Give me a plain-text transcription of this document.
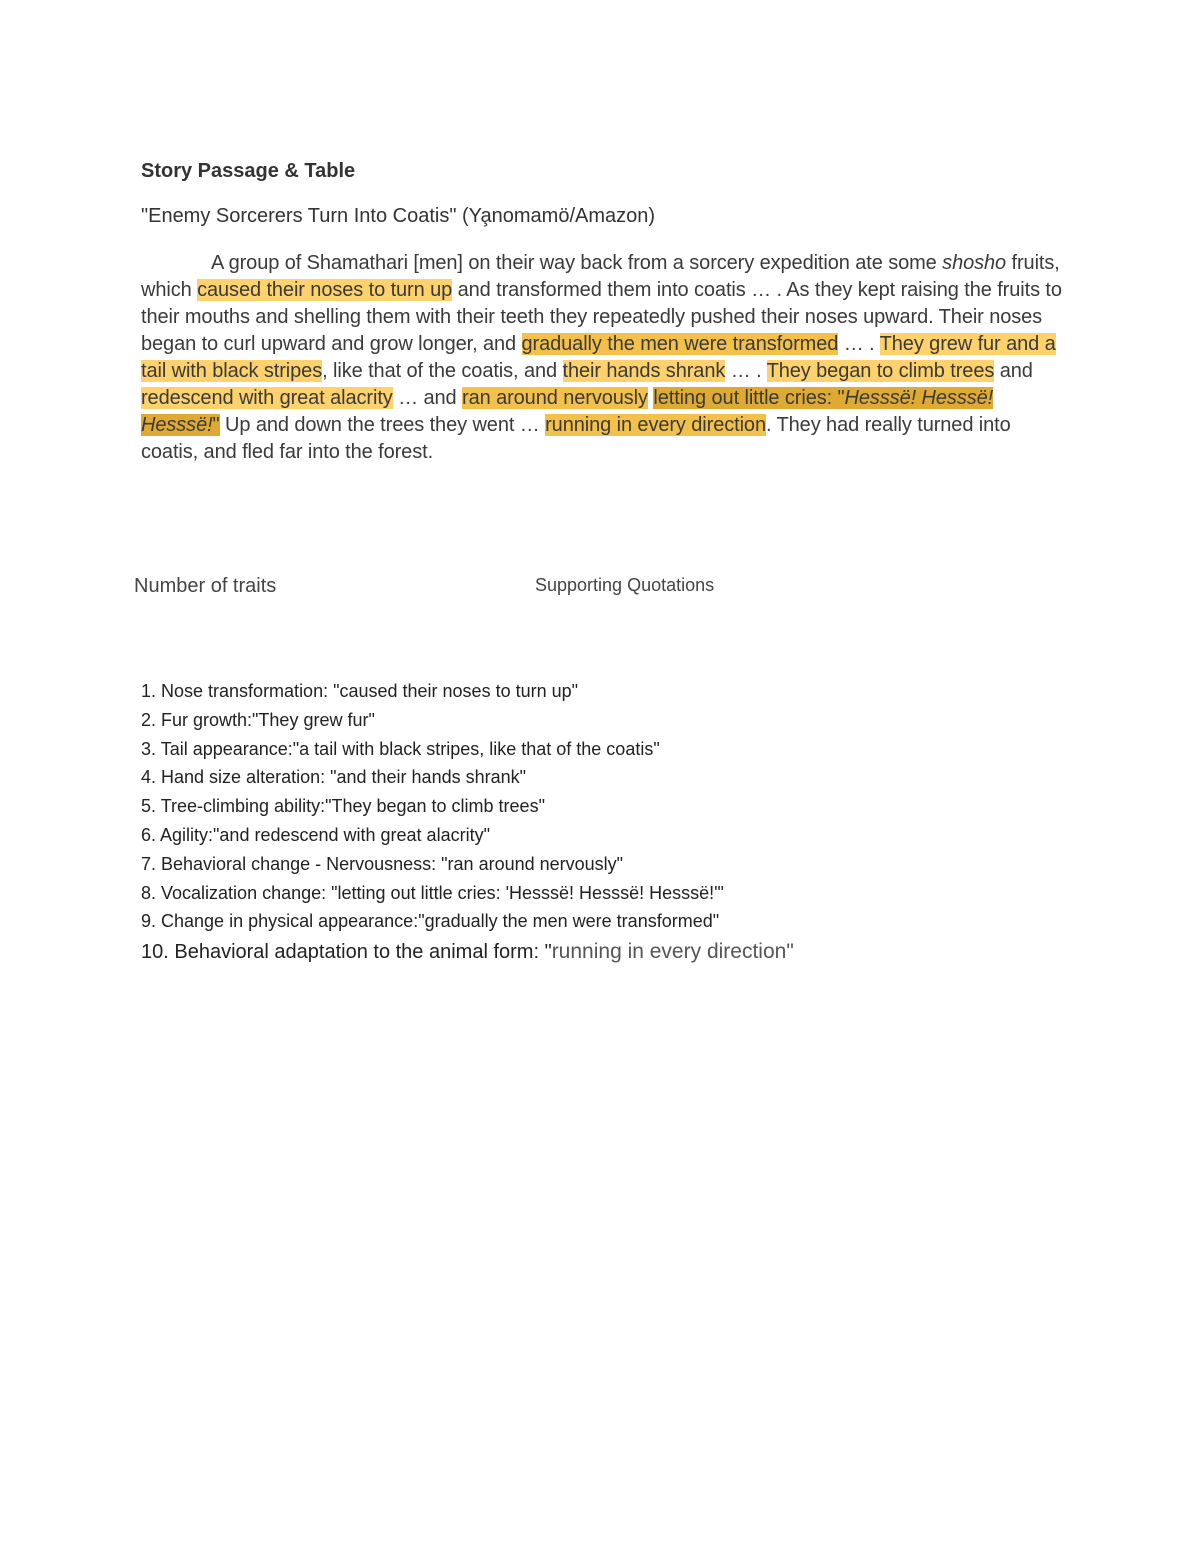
Story Passage & Table
"Enemy Sorcerers Turn Into Coatis" (Ya̧nomamö/Amazon)
A group of Shamathari [men] on their way back from a sorcery expedition ate some shosho fruits, which caused their noses to turn up and transformed them into coatis … . As they kept raising the fruits to their mouths and shelling them with their teeth they repeatedly pushed their noses upward. Their noses began to curl upward and grow longer, and gradually the men were transformed … . They grew fur and a tail with black stripes, like that of the coatis, and their hands shrank … . They began to climb trees and redescend with great alacrity … and ran around nervously letting out little cries: "Hesssë! Hesssë! Hesssë!" Up and down the trees they went … running in every direction. They had really turned into coatis, and fled far into the forest.
Number of traits	Supporting Quotations
1. Nose transformation: "caused their noses to turn up"
2. Fur growth:"They grew fur"
3. Tail appearance:"a tail with black stripes, like that of the coatis"
4. Hand size alteration: "and their hands shrank"
5. Tree-climbing ability:"They began to climb trees"
6. Agility:"and redescend with great alacrity"
7. Behavioral change - Nervousness: "ran around nervously"
8. Vocalization change: "letting out little cries: 'Hesssë! Hesssë! Hesssë!'"
9. Change in physical appearance:"gradually the men were transformed"
10. Behavioral adaptation to the animal form: "running in every direction"
